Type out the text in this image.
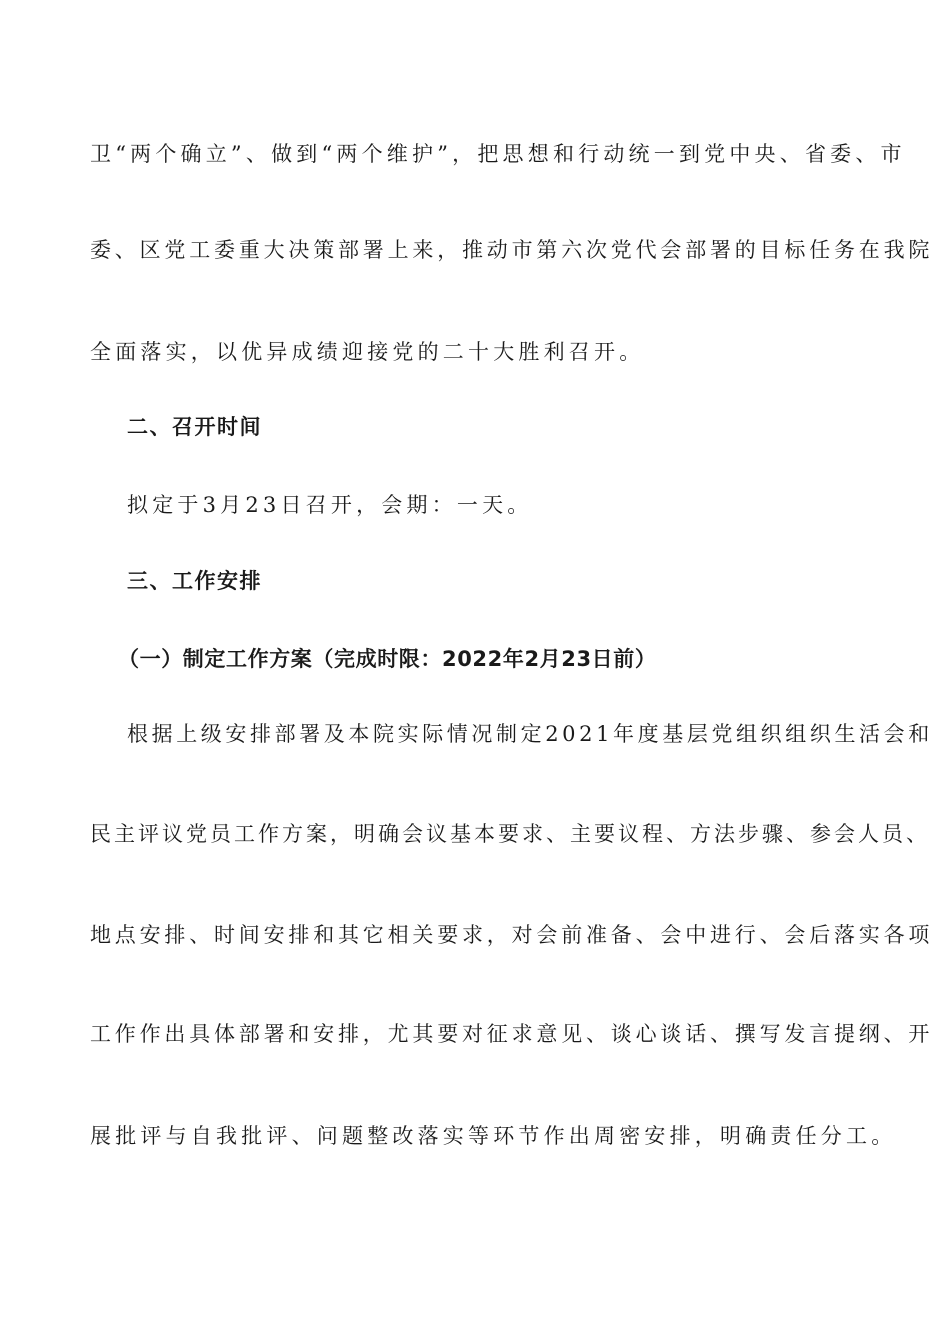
卫“两个确立”、做到“两个维护”，把思想和行动统一到党中央、省委、市
委、区党工委重大决策部署上来，推动市第六次党代会部署的目标任务在我院
全面落实，以优异成绩迎接党的二十大胜利召开。
二、召开时间
拟定于3月23日召开，会期：一天。
三、工作安排
（一）制定工作方案（完成时限：2022年2月23日前）
根据上级安排部署及本院实际情况制定2021年度基层党组织组织生活会和
民主评议党员工作方案，明确会议基本要求、主要议程、方法步骤、参会人员、
地点安排、时间安排和其它相关要求，对会前准备、会中进行、会后落实各项
工作作出具体部署和安排，尤其要对征求意见、谈心谈话、撰写发言提纲、开
展批评与自我批评、问题整改落实等环节作出周密安排，明确责任分工。
